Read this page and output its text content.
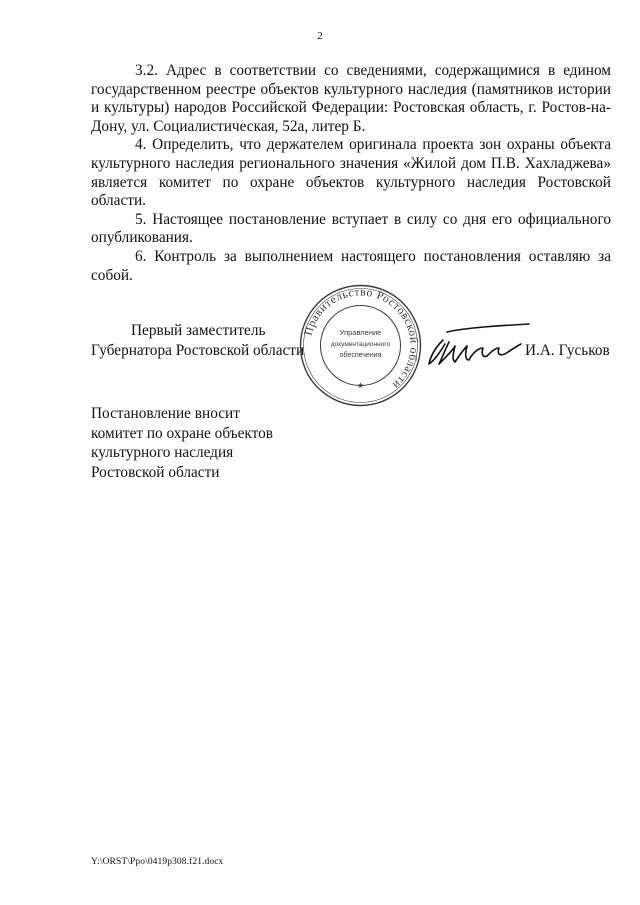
2

3.2. Адрес в соответствии со сведениями, содержащимися в едином государственном реестре объектов культурного наследия (памятников истории и культуры) народов Российской Федерации: Ростовская область, г. Ростов-на-Дону, ул. Социалистическая, 52а, литер Б.

4. Определить, что держателем оригинала проекта зон охраны объекта культурного наследия регионального значения «Жилой дом П.В. Хахладжева» является комитет по охране объектов культурного наследия Ростовской области.

5. Настоящее постановление вступает в силу со дня его официального опубликования.

6. Контроль за выполнением настоящего постановления оставляю за собой.

Первый заместитель
Губернатора Ростовской области
Правительство Ростовской области
Управление
документационного
обеспечения
★
И.А. Гуськов
Постановление вносит
комитет по охране объектов
культурного наследия
Ростовской области
Y:\ORST\Ppo\0419p308.f21.docx
